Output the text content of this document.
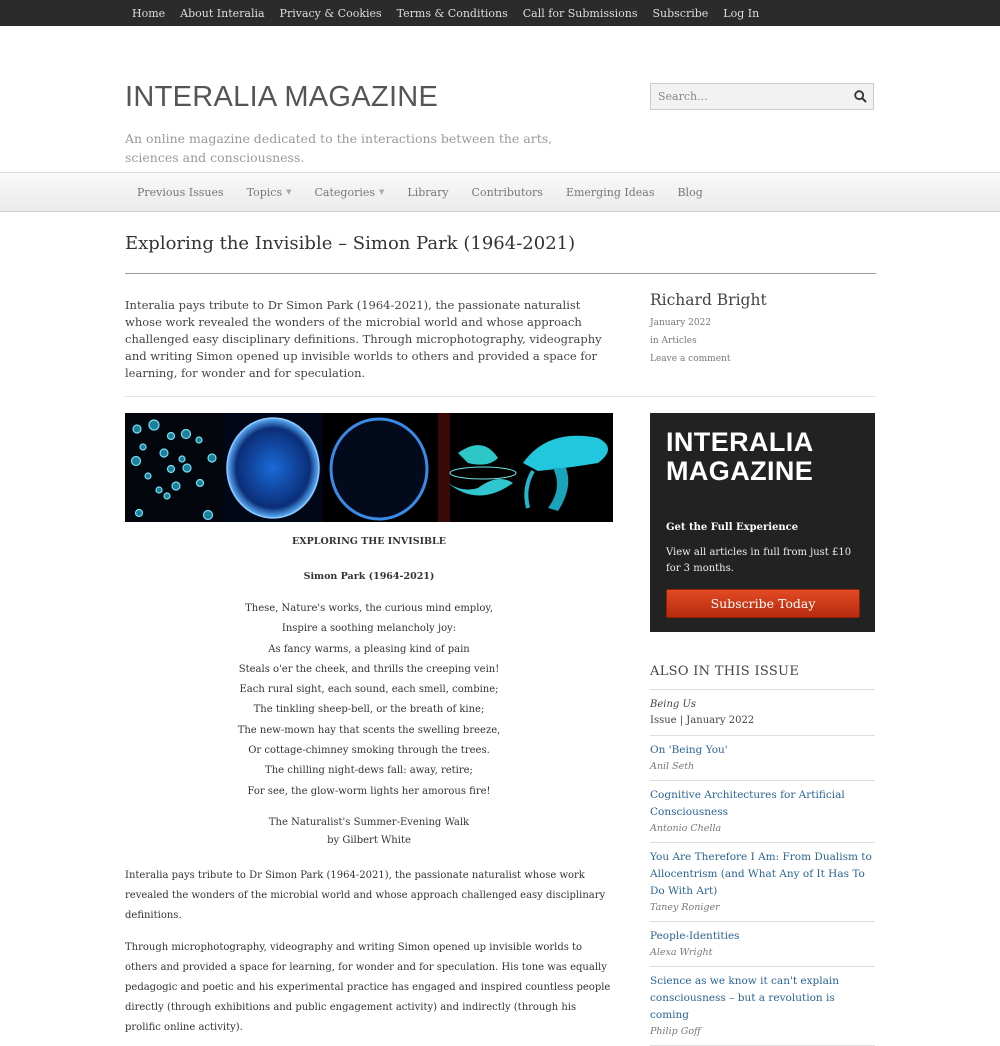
Home About Interalia Privacy & Cookies Terms & Conditions Call for Submissions Subscribe Log In
INTERALIA MAGAZINE
An online magazine dedicated to the interactions between the arts, sciences and consciousness.
Search...
Previous Issues Topics ▼ Categories ▼ Library Contributors Emerging Ideas Blog
Exploring the Invisible – Simon Park (1964-2021)

Interalia pays tribute to Dr Simon Park (1964-2021), the passionate naturalist whose work revealed the wonders of the microbial world and whose approach challenged easy disciplinary definitions. Through microphotography, videography and writing Simon opened up invisible worlds to others and provided a space for learning, for wonder and for speculation.

Richard Bright
January 2022
in Articles
Leave a comment

EXPLORING THE INVISIBLE

Simon Park (1964-2021)

These, Nature's works, the curious mind employ,
Inspire a soothing melancholy joy:
As fancy warms, a pleasing kind of pain
Steals o'er the cheek, and thrills the creeping vein!
Each rural sight, each sound, each smell, combine;
The tinkling sheep-bell, or the breath of kine;
The new-mown hay that scents the swelling breeze,
Or cottage-chimney smoking through the trees.
The chilling night-dews fall: away, retire;
For see, the glow-worm lights her amorous fire!
The Naturalist's Summer-Evening Walk
by Gilbert White

Interalia pays tribute to Dr Simon Park (1964-2021), the passionate naturalist whose work revealed the wonders of the microbial world and whose approach challenged easy disciplinary definitions.

Through microphotography, videography and writing Simon opened up invisible worlds to others and provided a space for learning, for wonder and for speculation. His tone was equally pedagogic and poetic and his experimental practice has engaged and inspired countless people directly (through exhibitions and public engagement activity) and indirectly (through his prolific online activity).

INTERALIA
MAGAZINE
Get the Full Experience
View all articles in full from just £10 for 3 months.
Subscribe Today
ALSO IN THIS ISSUE
Being Us
Issue | January 2022
On 'Being You'
Anil Seth
Cognitive Architectures for Artificial Consciousness
Antonio Chella
You Are Therefore I Am: From Dualism to Allocentrism (and What Any of It Has To Do With Art)
Taney Roniger
People-Identities
Alexa Wright
Science as we know it can't explain consciousness – but a revolution is coming
Philip Goff
